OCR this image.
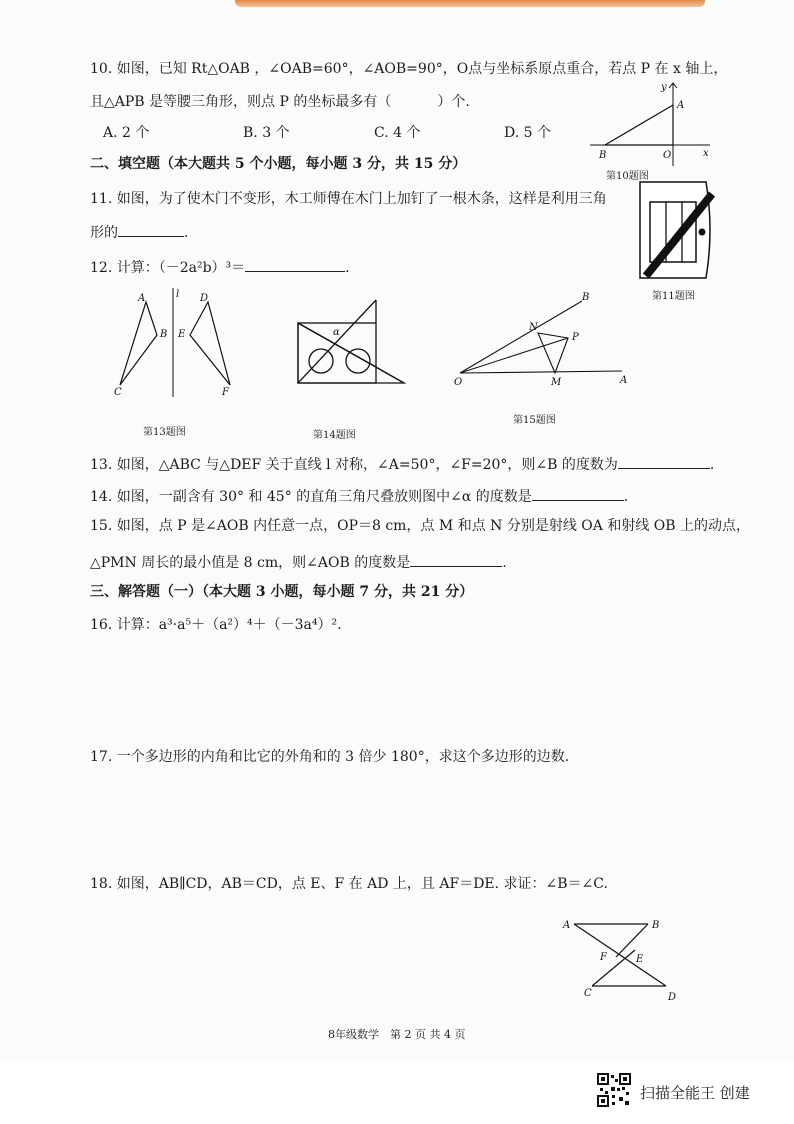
10. 如图，已知 Rt△OAB ，∠OAB=60°，∠AOB=90°，O点与坐标系原点重合，若点 P 在 x 轴上，
且△APB 是等腰三角形，则点 P 的坐标最多有（	）个.
A. 2 个	B. 3 个	C. 4 个	D. 5 个
y
A
B	O	x
第10题图
二、填空题（本大题共 5 个小题，每小题 3 分，共 15 分）
11. 如图，为了使木门不变形，木工师傅在木门上加钉了一根木条，这样是利用三角
形的	.
第11题图
12. 计算：（－2a²b）³＝	.
A
B
C
l D
E
F
第13题图
α
第14题图
B
N
P
O	M	A
第15题图
13. 如图，△ABC 与△DEF 关于直线 l 对称，∠A=50°，∠F=20°，则∠B 的度数为	.
14. 如图，一副含有 30° 和 45° 的直角三角尺叠放则图中∠α 的度数是	.
15. 如图，点 P 是∠AOB 内任意一点，OP＝8 cm，点 M 和点 N 分别是射线 OA 和射线 OB 上的动点，
△PMN 周长的最小值是 8 cm，则∠AOB 的度数是	.
三、解答题（一）（本大题 3 小题，每小题 7 分，共 21 分）
16. 计算：a³·a⁵＋（a²）⁴＋（－3a⁴）².
17. 一个多边形的内角和比它的外角和的 3 倍少 180°，求这个多边形的边数.
18. 如图，AB∥CD，AB＝CD，点 E、F 在 AD 上，且 AF＝DE. 求证：∠B＝∠C.
A	B
F	E
C	D
8年级数学　第 2 页 共 4 页
扫描全能王 创建
